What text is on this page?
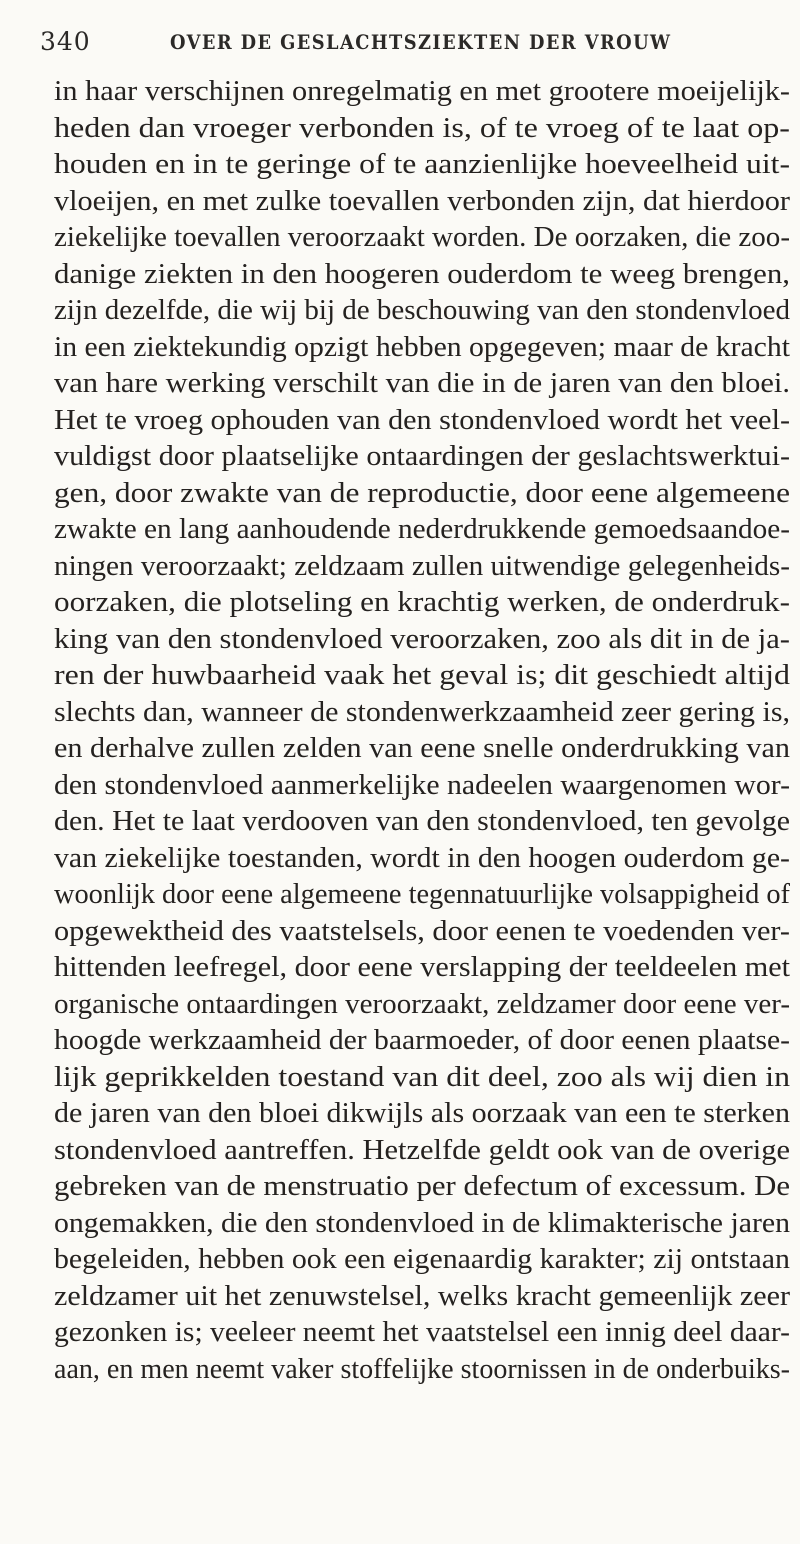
340	OVER DE GESLACHTSZIEKTEN DER VROUW
in haar verschijnen onregelmatig en met grootere moeijelijk-
heden dan vroeger verbonden is, of te vroeg of te laat op-
houden en in te geringe of te aanzienlijke hoeveelheid uit-
vloeijen, en met zulke toevallen verbonden zijn, dat hierdoor
ziekelijke toevallen veroorzaakt worden. De oorzaken, die zoo-
danige ziekten in den hoogeren ouderdom te weeg brengen,
zijn dezelfde, die wij bij de beschouwing van den stondenvloed
in een ziektekundig opzigt hebben opgegeven; maar de kracht
van hare werking verschilt van die in de jaren van den bloei.
Het te vroeg ophouden van den stondenvloed wordt het veel-
vuldigst door plaatselijke ontaardingen der geslachtswerktui-
gen, door zwakte van de reproductie, door eene algemeene
zwakte en lang aanhoudende nederdrukkende gemoedsaandoe-
ningen veroorzaakt; zeldzaam zullen uitwendige gelegenheids-
oorzaken, die plotseling en krachtig werken, de onderdruk-
king van den stondenvloed veroorzaken, zoo als dit in de ja-
ren der huwbaarheid vaak het geval is; dit geschiedt altijd
slechts dan, wanneer de stondenwerkzaamheid zeer gering is,
en derhalve zullen zelden van eene snelle onderdrukking van
den stondenvloed aanmerkelijke nadeelen waargenomen wor-
den. Het te laat verdooven van den stondenvloed, ten gevolge
van ziekelijke toestanden, wordt in den hoogen ouderdom ge-
woonlijk door eene algemeene tegennatuurlijke volsappigheid of
opgewektheid des vaatstelsels, door eenen te voedenden ver-
hittenden leefregel, door eene verslapping der teeldeelen met
organische ontaardingen veroorzaakt, zeldzamer door eene ver-
hoogde werkzaamheid der baarmoeder, of door eenen plaatse-
lijk geprikkelden toestand van dit deel, zoo als wij dien in
de jaren van den bloei dikwijls als oorzaak van een te sterken
stondenvloed aantreffen. Hetzelfde geldt ook van de overige
gebreken van de menstruatio per defectum of excessum. De
ongemakken, die den stondenvloed in de klimakterische jaren
begeleiden, hebben ook een eigenaardig karakter; zij ontstaan
zeldzamer uit het zenuwstelsel, welks kracht gemeenlijk zeer
gezonken is; veeleer neemt het vaatstelsel een innig deel daar-
aan, en men neemt vaker stoffelijke stoornissen in de onderbuiks-
